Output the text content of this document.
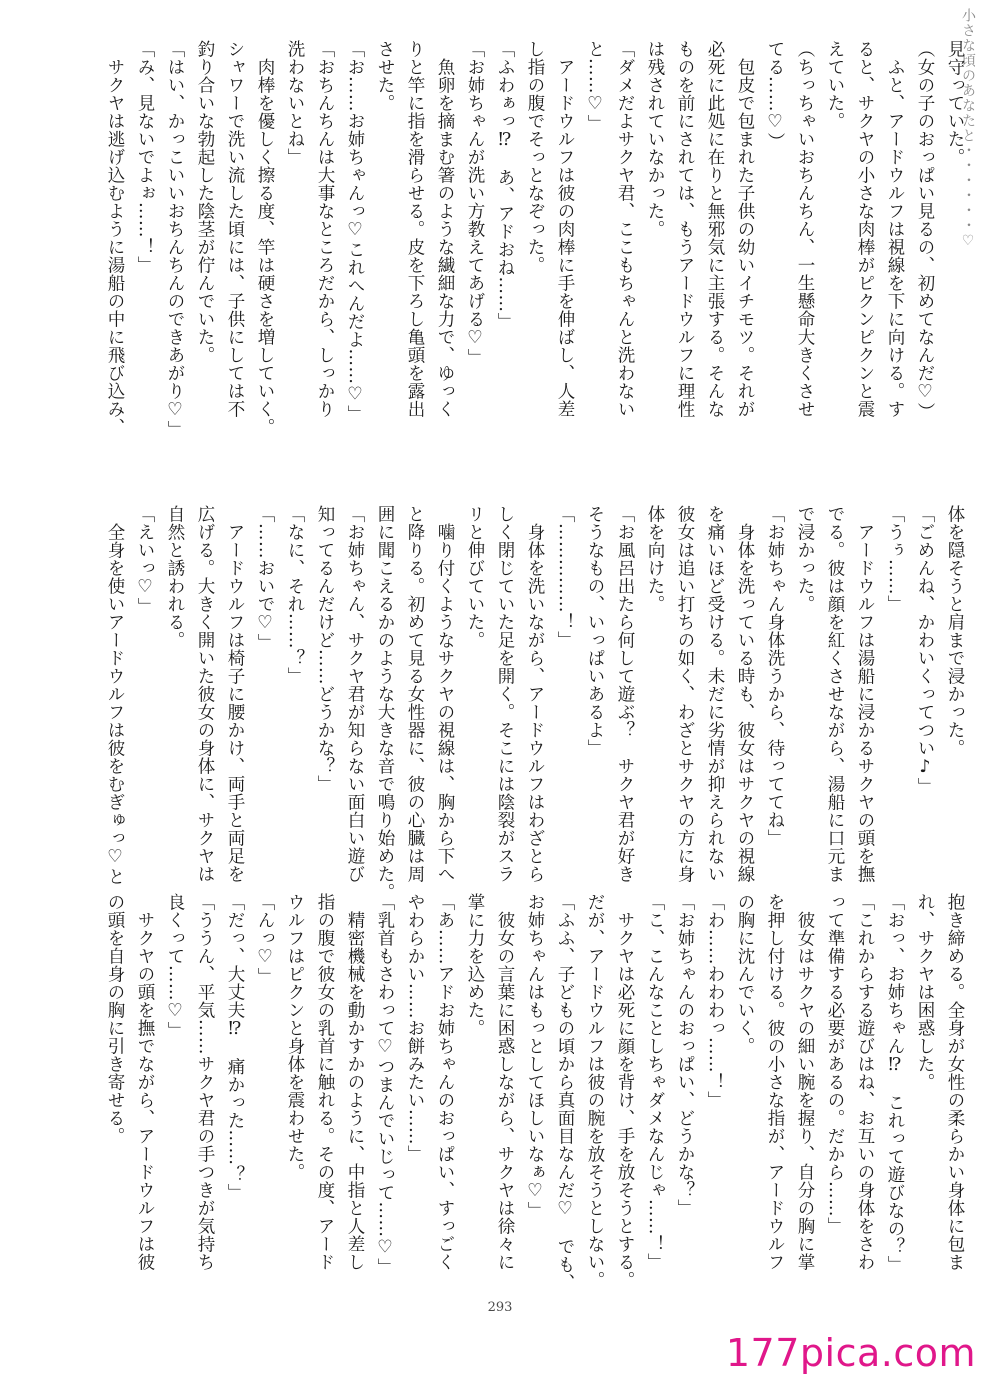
小さな頃のあなたと・・・・・・♡

見守っていた。

（女の子のおっぱい見るの、初めてなんだ♡）

　ふと、アードウルフは視線を下に向ける。す

ると、サクヤの小さな肉棒がピクンピクンと震

えていた。

（ちっちゃいおちんちん、一生懸命大きくさせ

てる……♡）

　包皮で包まれた子供の幼いイチモツ。それが

必死に此処に在りと無邪気に主張する。そんな

ものを前にされては、もうアードウルフに理性

は残されていなかった。

「ダメだよサクヤ君、ここもちゃんと洗わない

と……♡」

　アードウルフは彼の肉棒に手を伸ばし、人差

し指の腹でそっとなぞった。

「ふわぁっ⁉　あ、アドおね……」

「お姉ちゃんが洗い方教えてあげる♡」

　魚卵を摘まむ箸のような繊細な力で、ゆっく

りと竿に指を滑らせる。皮を下ろし亀頭を露出

させた。

「お……お姉ちゃんっ♡これへんだよ……♡」

「おちんちんは大事なところだから、しっかり

洗わないとね」

　肉棒を優しく擦る度、竿は硬さを増していく。

シャワーで洗い流した頃には、子供にしては不

釣り合いな勃起した陰茎が佇んでいた。

「はい、かっこいいおちんちんのできあがり♡」

「み、見ないでよぉ……！」

　サクヤは逃げ込むように湯船の中に飛び込み、

体を隠そうと肩まで浸かった。

「ごめんね、かわいくってつい♪」

「うぅ……」

　アードウルフは湯船に浸かるサクヤの頭を撫

でる。彼は顔を紅くさせながら、湯船に口元ま

で浸かった。

「お姉ちゃん身体洗うから、待っててね」

　身体を洗っている時も、彼女はサクヤの視線

を痛いほど受ける。未だに劣情が抑えられない

彼女は追い打ちの如く、わざとサクヤの方に身

体を向けた。

「お風呂出たら何して遊ぶ？　サクヤ君が好き

そうなもの、いっぱいあるよ」

「……………！」

　身体を洗いながら、アードウルフはわざとら

しく閉じていた足を開く。そこには陰裂がスラ

リと伸びていた。

　噛り付くようなサクヤの視線は、胸から下へ

と降りる。初めて見る女性器に、彼の心臓は周

囲に聞こえるかのような大きな音で鳴り始めた。

「お姉ちゃん、サクヤ君が知らない面白い遊び

知ってるんだけど……どうかな？」

「なに、それ……？」

「……おいで♡」

　アードウルフは椅子に腰かけ、両手と両足を

広げる。大きく開いた彼女の身体に、サクヤは

自然と誘われる。

「えいっ♡」

　全身を使いアードウルフは彼をむぎゅっ♡と

抱き締める。全身が女性の柔らかい身体に包ま

れ、サクヤは困惑した。

「おっ、お姉ちゃん⁉　これって遊びなの？」

「これからする遊びはね、お互いの身体をさわ

って準備する必要があるの。だから……」

　彼女はサクヤの細い腕を握り、自分の胸に掌

を押し付ける。彼の小さな指が、アードウルフ

の胸に沈んでいく。

「わ……わわわっ……！」

「お姉ちゃんのおっぱい、どうかな？」

「こ、こんなことしちゃダメなんじゃ……！」

　サクヤは必死に顔を背け、手を放そうとする。

だが、アードウルフは彼の腕を放そうとしない。

「ふふ、子どもの頃から真面目なんだ♡　でも、

お姉ちゃんはもっとしてほしいなぁ♡」

　彼女の言葉に困惑しながら、サクヤは徐々に

掌に力を込めた。

「あ……アドお姉ちゃんのおっぱい、すっごく

やわらかい……お餅みたい……」

「乳首もさわって♡つまんでいじって……♡」

　精密機械を動かすかのように、中指と人差し

指の腹で彼女の乳首に触れる。その度、アード

ウルフはピクンと身体を震わせた。

「んっ♡」

「だっ、大丈夫⁉　痛かった……？」

「ううん、平気……サクヤ君の手つきが気持ち

良くって……♡」

　サクヤの頭を撫でながら、アードウルフは彼

の頭を自身の胸に引き寄せる。

293
177pica.com
